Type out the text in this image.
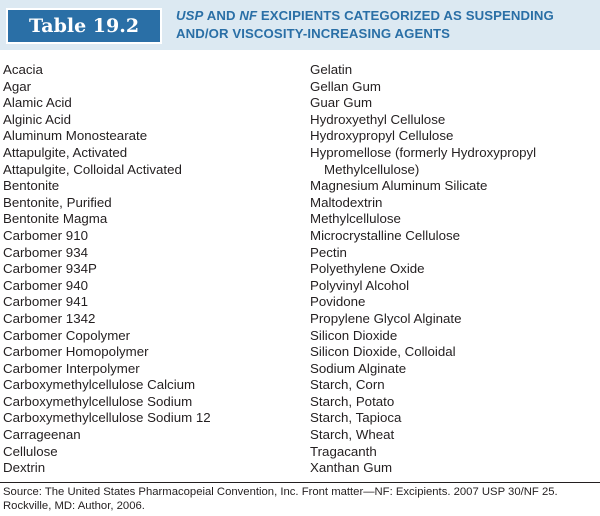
Table 19.2	USP AND NF EXCIPIENTS CATEGORIZED AS SUSPENDING AND/OR VISCOSITY-INCREASING AGENTS
Acacia
Agar
Alamic Acid
Alginic Acid
Aluminum Monostearate
Attapulgite, Activated
Attapulgite, Colloidal Activated
Bentonite
Bentonite, Purified
Bentonite Magma
Carbomer 910
Carbomer 934
Carbomer 934P
Carbomer 940
Carbomer 941
Carbomer 1342
Carbomer Copolymer
Carbomer Homopolymer
Carbomer Interpolymer
Carboxymethylcellulose Calcium
Carboxymethylcellulose Sodium
Carboxymethylcellulose Sodium 12
Carrageenan
Cellulose
Dextrin
Gelatin
Gellan Gum
Guar Gum
Hydroxyethyl Cellulose
Hydroxypropyl Cellulose
Hypromellose (formerly Hydroxypropyl
Methylcellulose)
Magnesium Aluminum Silicate
Maltodextrin
Methylcellulose
Microcrystalline Cellulose
Pectin
Polyethylene Oxide
Polyvinyl Alcohol
Povidone
Propylene Glycol Alginate
Silicon Dioxide
Silicon Dioxide, Colloidal
Sodium Alginate
Starch, Corn
Starch, Potato
Starch, Tapioca
Starch, Wheat
Tragacanth
Xanthan Gum
Source: The United States Pharmacopeial Convention, Inc. Front matter—NF: Excipients. 2007 USP 30/NF 25. Rockville, MD: Author, 2006.
